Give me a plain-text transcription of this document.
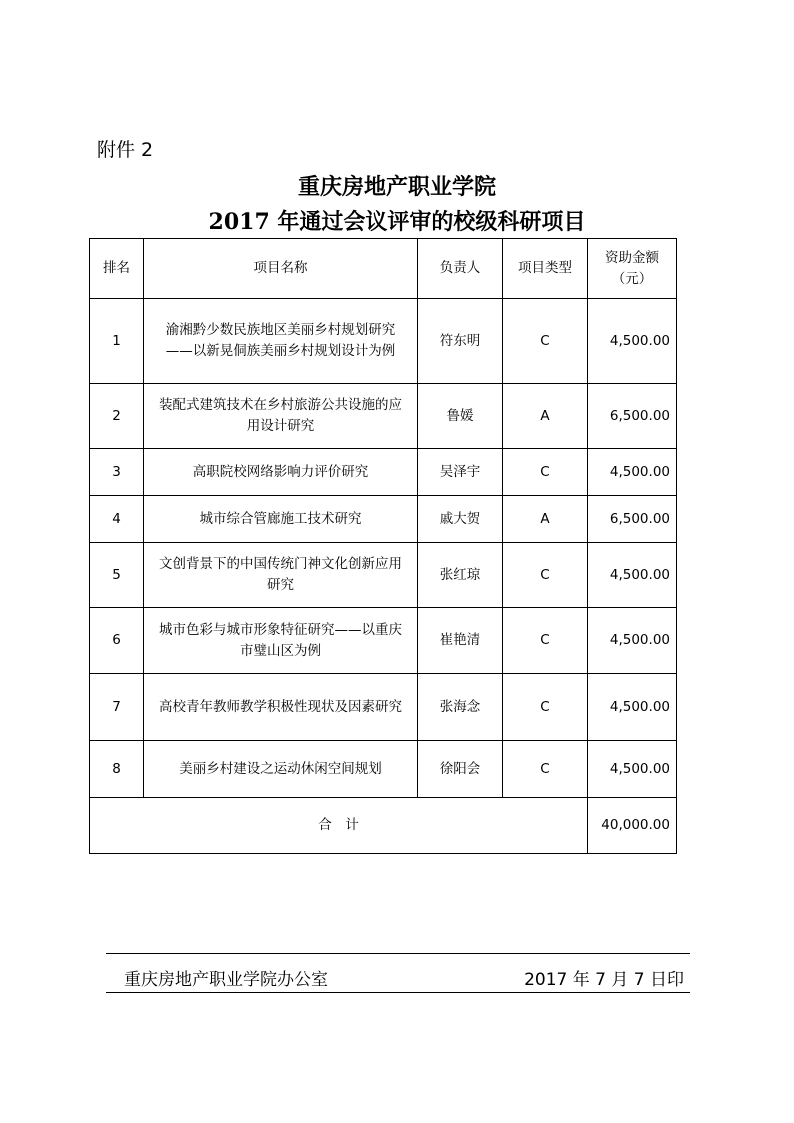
附件 2
重庆房地产职业学院
2017 年通过会议评审的校级科研项目
排名	项目名称	负责人	项目类型	资助金额（元）
1	渝湘黔少数民族地区美丽乡村规划研究——以新晃侗族美丽乡村规划设计为例	符东明	C	4,500.00
2	装配式建筑技术在乡村旅游公共设施的应用设计研究	鲁媛	A	6,500.00
3	高职院校网络影响力评价研究	吴泽宇	C	4,500.00
4	城市综合管廊施工技术研究	戚大贺	A	6,500.00
5	文创背景下的中国传统门神文化创新应用研究	张红琼	C	4,500.00
6	城市色彩与城市形象特征研究——以重庆市璧山区为例	崔艳清	C	4,500.00
7	高校青年教师教学积极性现状及因素研究	张海念	C	4,500.00
8	美丽乡村建设之运动休闲空间规划	徐阳会	C	4,500.00
合　计				40,000.00
重庆房地产职业学院办公室	2017 年 7 月 7 日印
